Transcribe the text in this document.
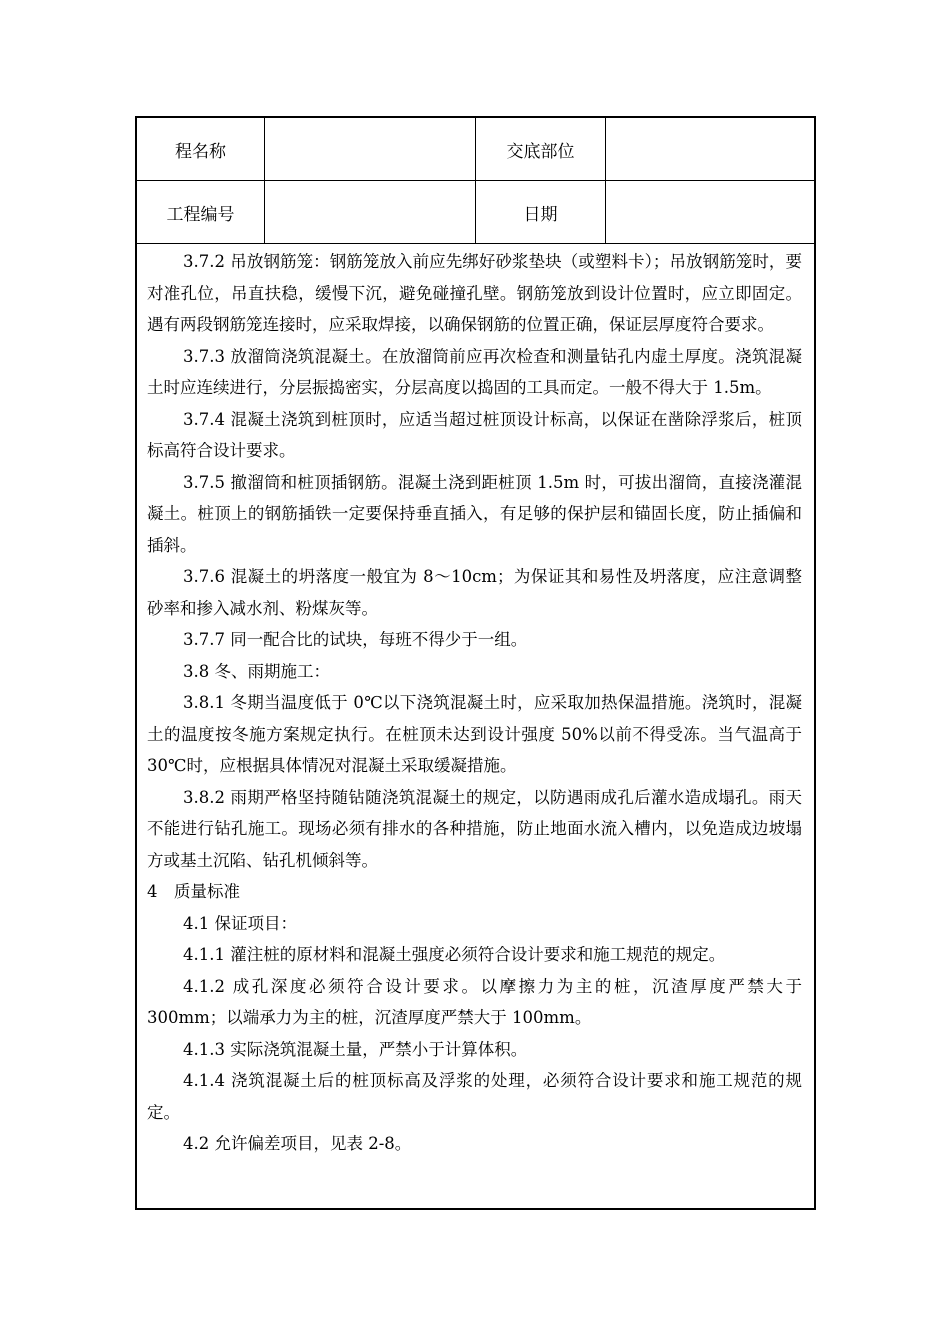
程名称	交底部位
工程编号	日期

3.7.2 吊放钢筋笼：钢筋笼放入前应先绑好砂浆垫块（或塑料卡）；吊放钢筋笼时，要对准孔位，吊直扶稳，缓慢下沉，避免碰撞孔壁。钢筋笼放到设计位置时，应立即固定。遇有两段钢筋笼连接时，应采取焊接，以确保钢筋的位置正确，保证层厚度符合要求。

3.7.3 放溜筒浇筑混凝土。在放溜筒前应再次检查和测量钻孔内虚土厚度。浇筑混凝土时应连续进行，分层振捣密实，分层高度以捣固的工具而定。一般不得大于 1.5m。

3.7.4 混凝土浇筑到桩顶时，应适当超过桩顶设计标高，以保证在凿除浮浆后，桩顶标高符合设计要求。

3.7.5 撤溜筒和桩顶插钢筋。混凝土浇到距桩顶 1.5m 时，可拔出溜筒，直接浇灌混凝土。桩顶上的钢筋插铁一定要保持垂直插入，有足够的保护层和锚固长度，防止插偏和插斜。

3.7.6 混凝土的坍落度一般宜为 8～10cm；为保证其和易性及坍落度，应注意调整砂率和掺入减水剂、粉煤灰等。

3.7.7 同一配合比的试块，每班不得少于一组。

3.8 冬、雨期施工：

3.8.1 冬期当温度低于 0℃以下浇筑混凝土时，应采取加热保温措施。浇筑时，混凝土的温度按冬施方案规定执行。在桩顶未达到设计强度 50%以前不得受冻。当气温高于 30℃时，应根据具体情况对混凝土采取缓凝措施。

3.8.2 雨期严格坚持随钻随浇筑混凝土的规定，以防遇雨成孔后灌水造成塌孔。雨天不能进行钻孔施工。现场必须有排水的各种措施，防止地面水流入槽内，以免造成边坡塌方或基土沉陷、钻孔机倾斜等。

4　质量标准

4.1 保证项目：

4.1.1 灌注桩的原材料和混凝土强度必须符合设计要求和施工规范的规定。

4.1.2 成孔深度必须符合设计要求。以摩擦力为主的桩，沉渣厚度严禁大于 300mm；以端承力为主的桩，沉渣厚度严禁大于 100mm。

4.1.3 实际浇筑混凝土量，严禁小于计算体积。

4.1.4 浇筑混凝土后的桩顶标高及浮浆的处理，必须符合设计要求和施工规范的规定。

4.2 允许偏差项目，见表 2-8。
